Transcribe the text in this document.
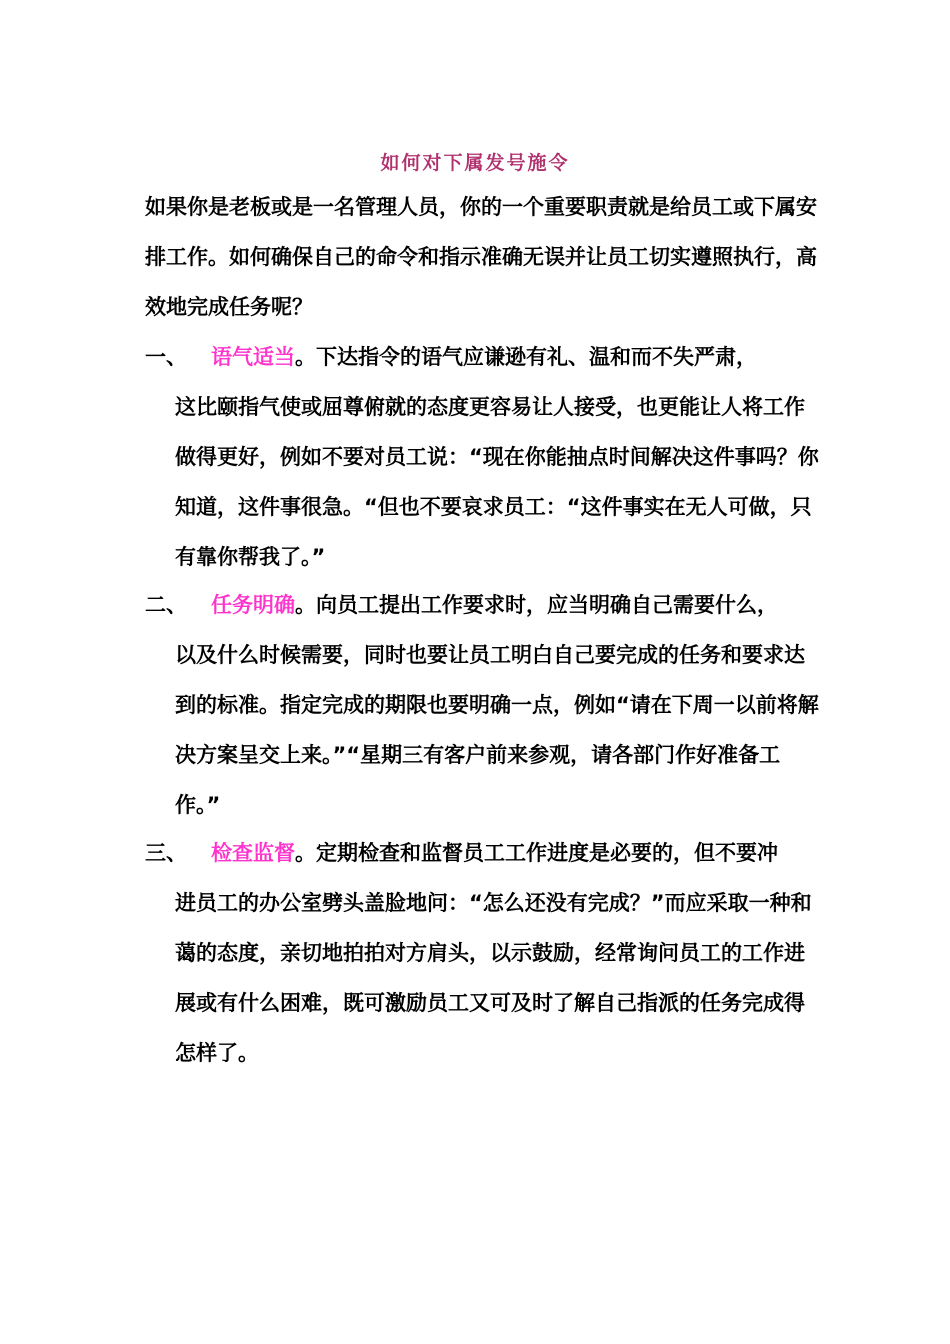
如何对下属发号施令
如果你是老板或是一名管理人员，你的一个重要职责就是给员工或下属安排工作。如何确保自己的命令和指示准确无误并让员工切实遵照执行，高效地完成任务呢？
一、	语气适当。下达指令的语气应谦逊有礼、温和而不失严肃，
这比颐指气使或屈尊俯就的态度更容易让人接受，也更能让人将工作做得更好，例如不要对员工说：“现在你能抽点时间解决这件事吗？你知道，这件事很急。“但也不要哀求员工：“这件事实在无人可做，只有靠你帮我了。”
二、	任务明确。向员工提出工作要求时，应当明确自己需要什么，
以及什么时候需要，同时也要让员工明白自己要完成的任务和要求达到的标准。指定完成的期限也要明确一点，例如“请在下周一以前将解决方案呈交上来。”“星期三有客户前来参观，请各部门作好准备工作。”
三、	检查监督。定期检查和监督员工工作进度是必要的，但不要冲
进员工的办公室劈头盖脸地问：“怎么还没有完成？”而应采取一种和蔼的态度，亲切地拍拍对方肩头，以示鼓励，经常询问员工的工作进展或有什么困难，既可激励员工又可及时了解自己指派的任务完成得怎样了。
